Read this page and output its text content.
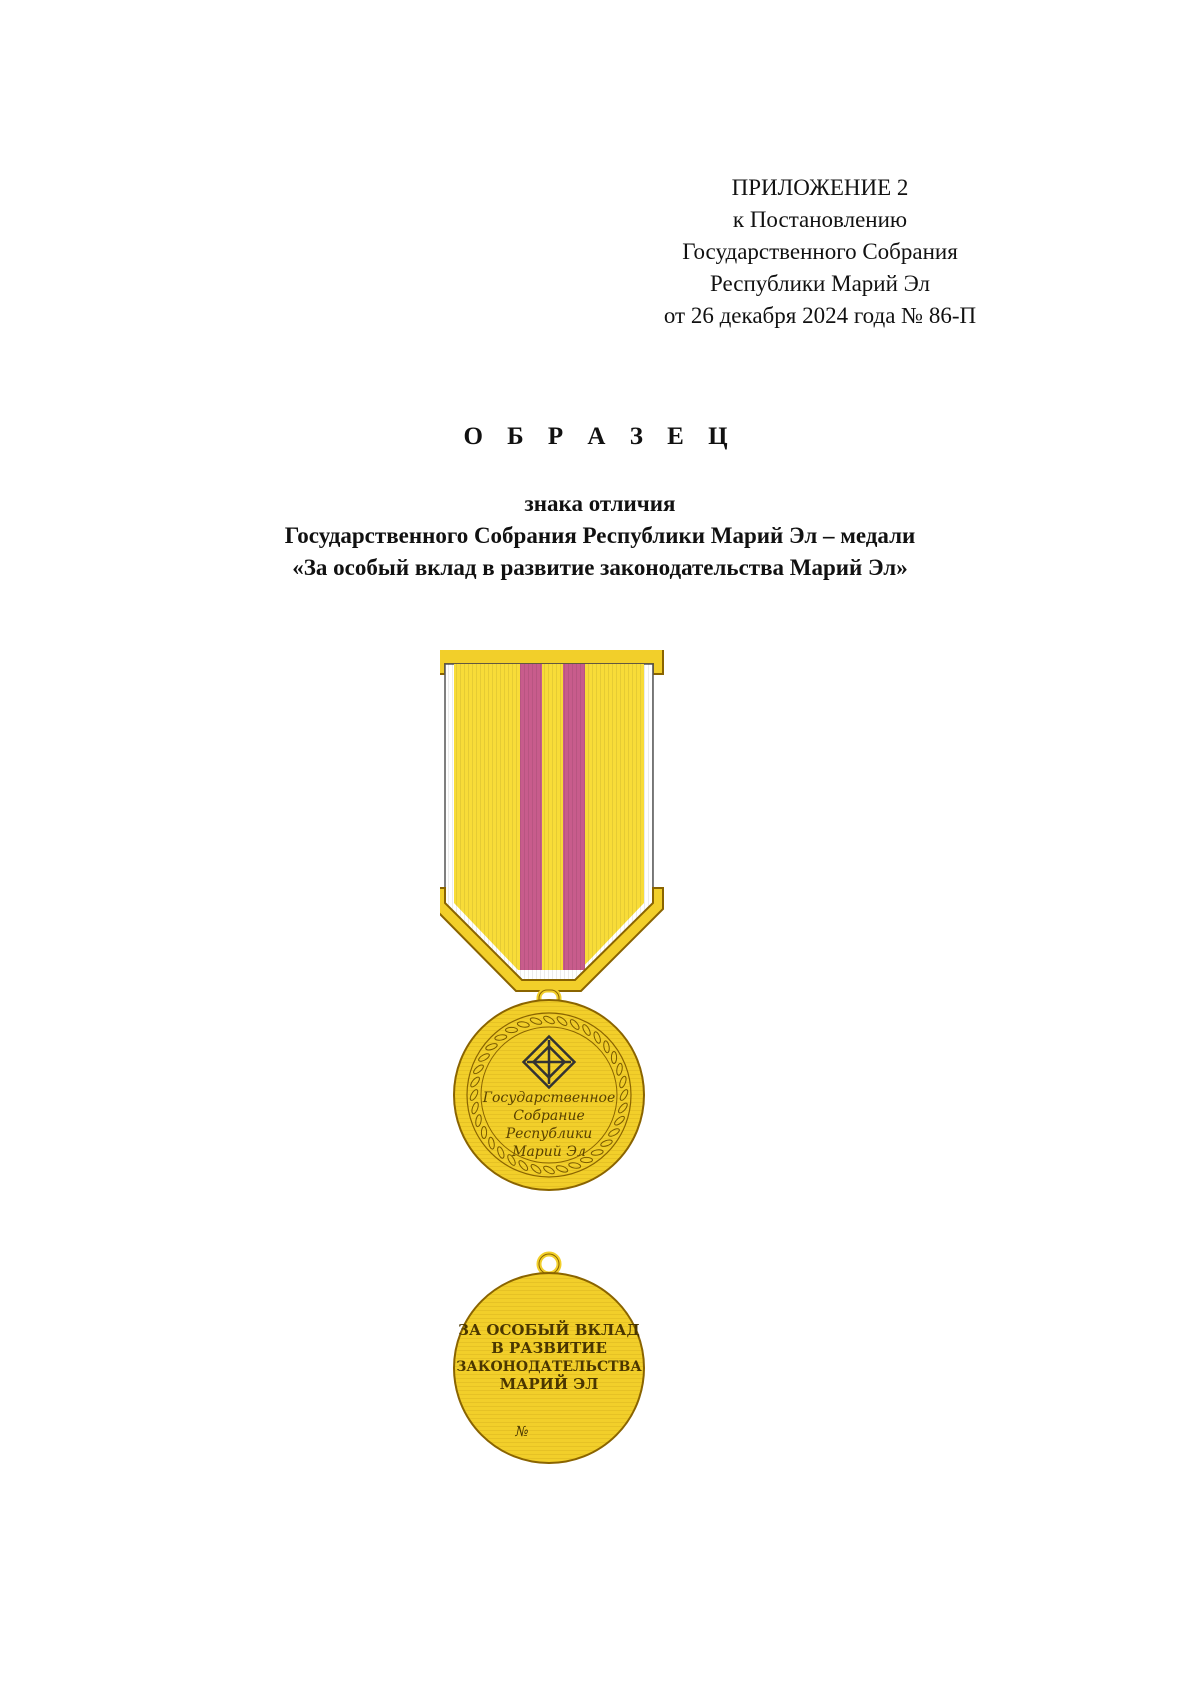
ПРИЛОЖЕНИЕ 2
к Постановлению
Государственного Собрания
Республики Марий Эл
от 26 декабря 2024 года № 86-П
О Б Р А З Е Ц
знака отличия
Государственного Собрания Республики Марий Эл – медали
«За особый вклад в развитие законодательства Марий Эл»
Государственное
Собрание
Республики
Марий Эл
ЗА ОСОБЫЙ ВКЛАД
В РАЗВИТИЕ
ЗАКОНОДАТЕЛЬСТВА
МАРИЙ ЭЛ
№
